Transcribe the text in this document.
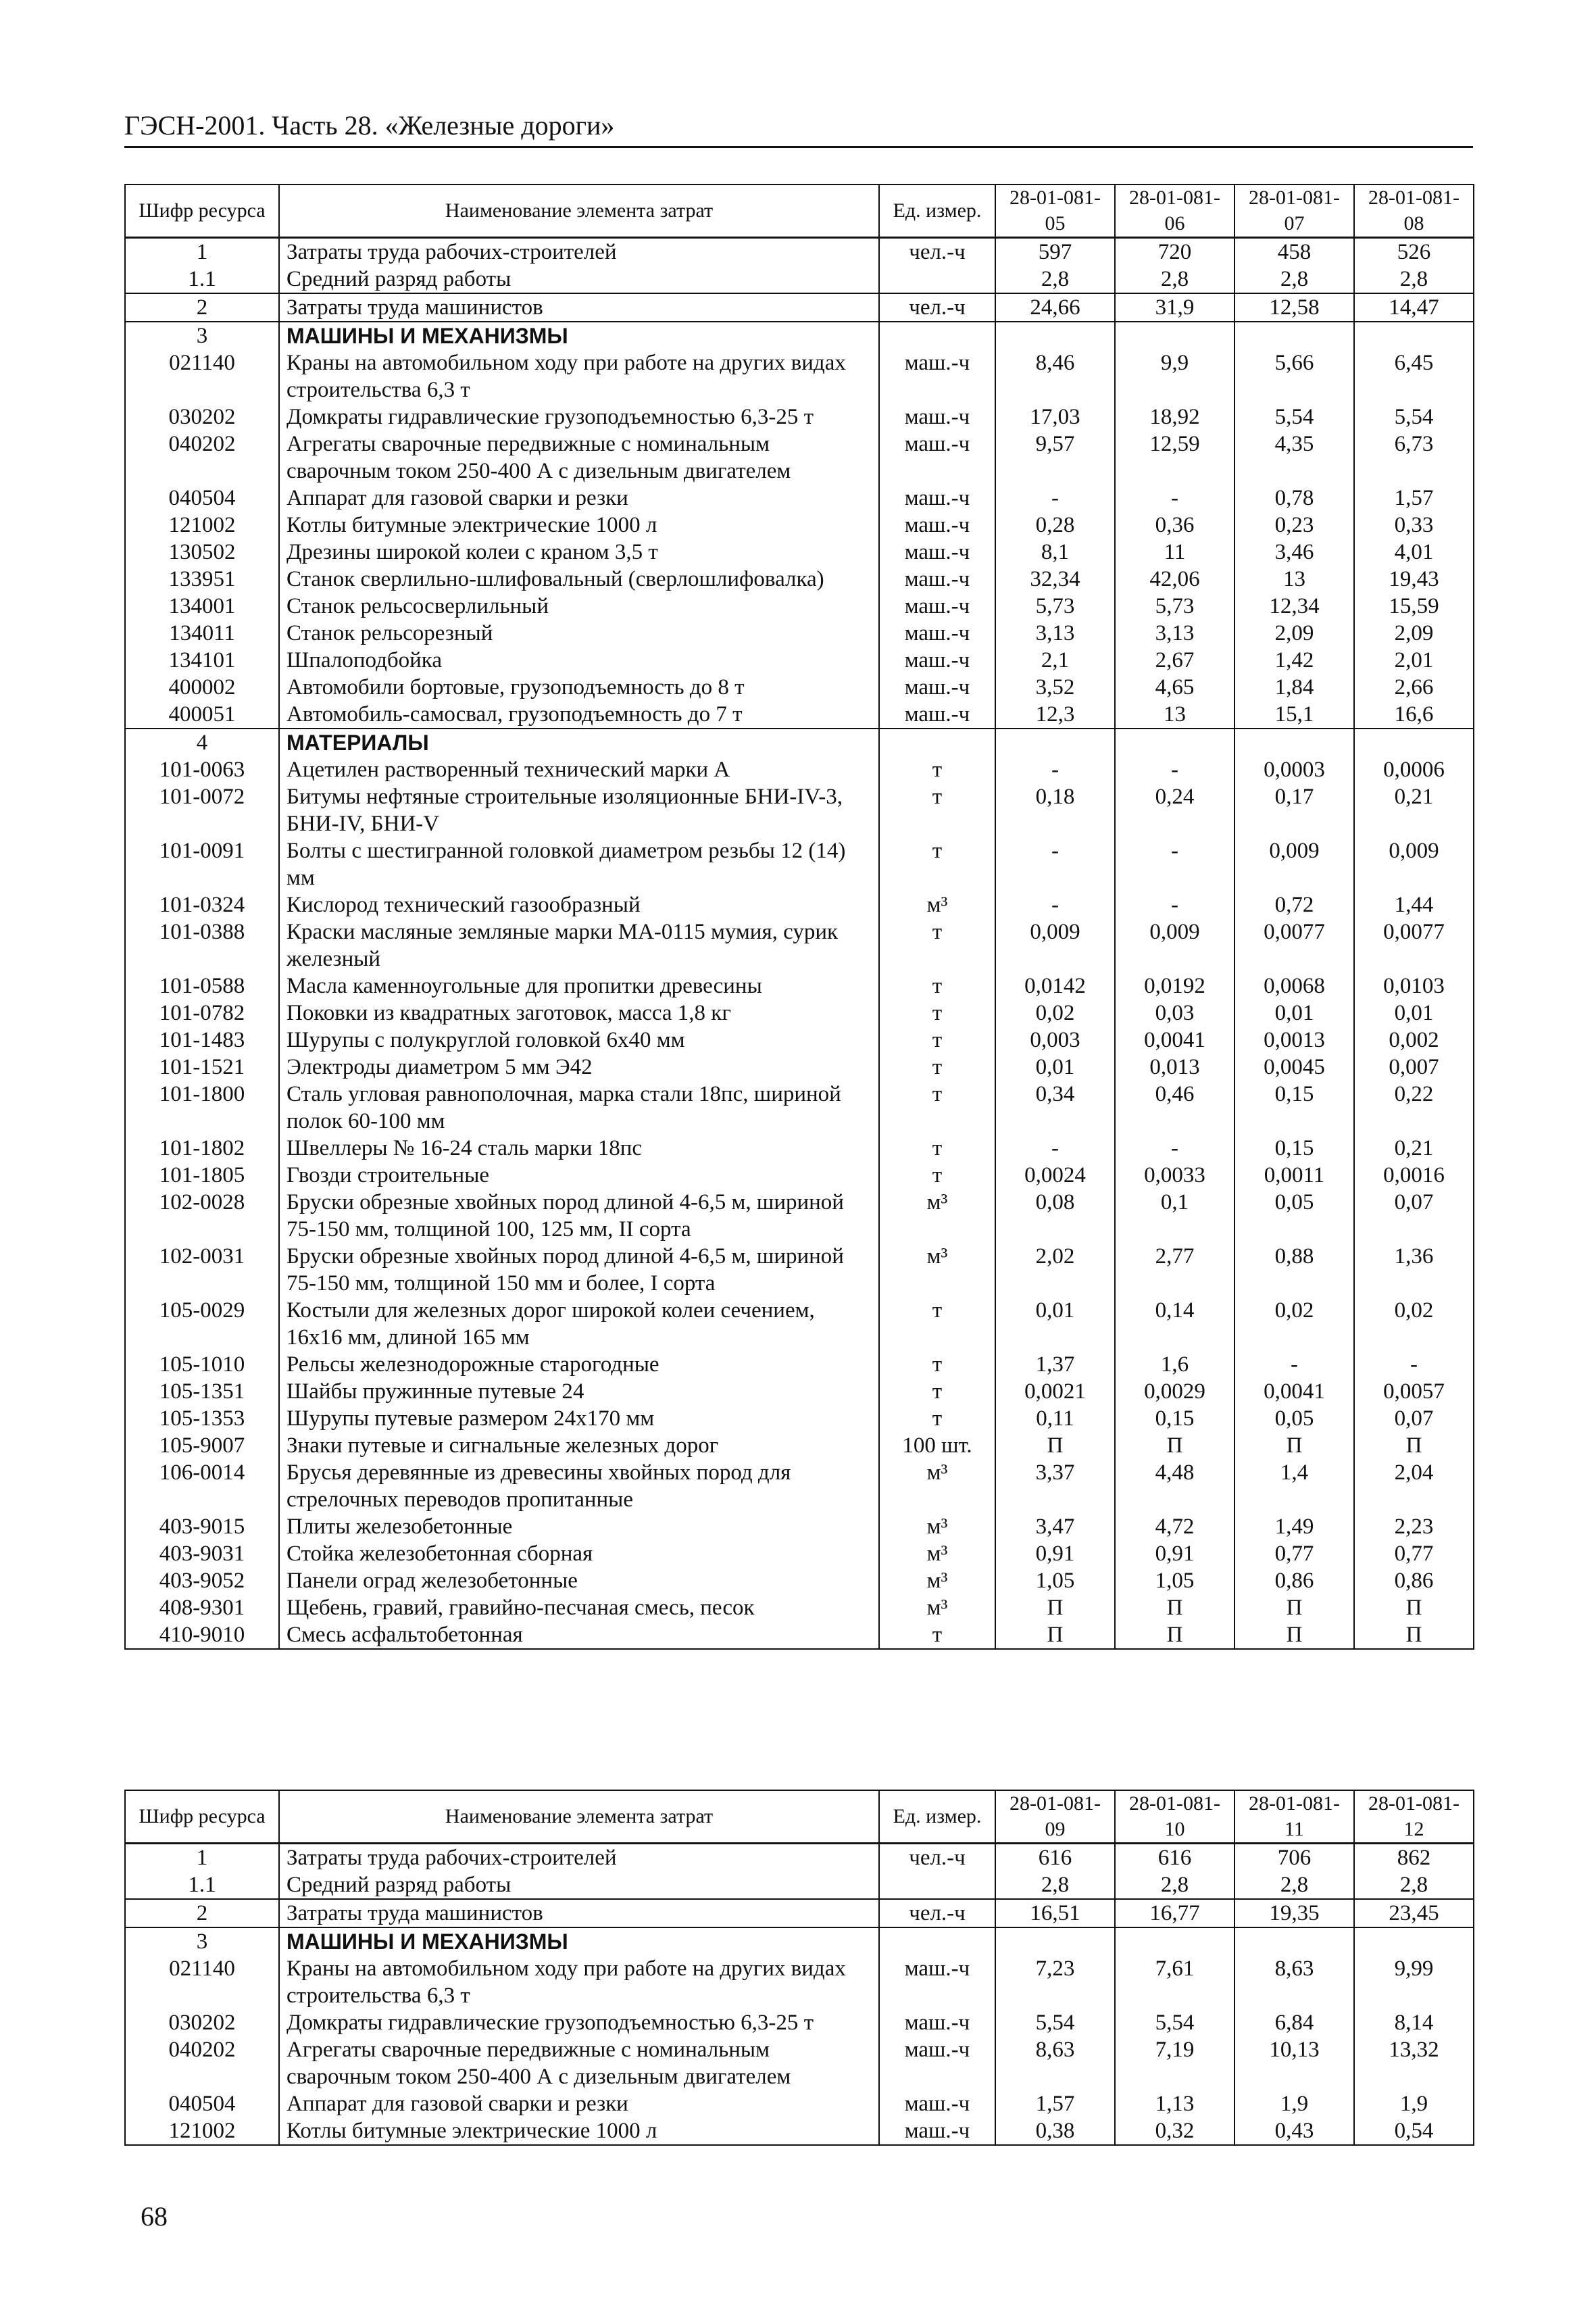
ГЭСН-2001. Часть 28. «Железные дороги»
Шифр ресурса	Наименование элемента затрат	Ед. измер.	28-01-081-05	28-01-081-06	28-01-081-07	28-01-081-08
1	Затраты труда рабочих-строителей	чел.-ч	597	720	458	526
1.1	Средний разряд работы		2,8	2,8	2,8	2,8
2	Затраты труда машинистов	чел.-ч	24,66	31,9	12,58	14,47
3	МАШИНЫ И МЕХАНИЗМЫ					
021140	Краны на автомобильном ходу при работе на других видах строительства 6,3 т	маш.-ч	8,46	9,9	5,66	6,45
030202	Домкраты гидравлические грузоподъемностью 6,3-25 т	маш.-ч	17,03	18,92	5,54	5,54
040202	Агрегаты сварочные передвижные с номинальным сварочным током 250-400 А с дизельным двигателем	маш.-ч	9,57	12,59	4,35	6,73
040504	Аппарат для газовой сварки и резки	маш.-ч	-	-	0,78	1,57
121002	Котлы битумные электрические 1000 л	маш.-ч	0,28	0,36	0,23	0,33
130502	Дрезины широкой колеи с краном 3,5 т	маш.-ч	8,1	11	3,46	4,01
133951	Станок сверлильно-шлифовальный (сверлошлифовалка)	маш.-ч	32,34	42,06	13	19,43
134001	Станок рельсосверлильный	маш.-ч	5,73	5,73	12,34	15,59
134011	Станок рельсорезный	маш.-ч	3,13	3,13	2,09	2,09
134101	Шпалоподбойка	маш.-ч	2,1	2,67	1,42	2,01
400002	Автомобили бортовые, грузоподъемность до 8 т	маш.-ч	3,52	4,65	1,84	2,66
400051	Автомобиль-самосвал, грузоподъемность до 7 т	маш.-ч	12,3	13	15,1	16,6
4	МАТЕРИАЛЫ					
101-0063	Ацетилен растворенный технический марки А	т	-	-	0,0003	0,0006
101-0072	Битумы нефтяные строительные изоляционные БНИ-IV-3, БНИ-IV, БНИ-V	т	0,18	0,24	0,17	0,21
101-0091	Болты с шестигранной головкой диаметром резьбы 12 (14) мм	т	-	-	0,009	0,009
101-0324	Кислород технический газообразный	м³	-	-	0,72	1,44
101-0388	Краски масляные земляные марки МА-0115 мумия, сурик железный	т	0,009	0,009	0,0077	0,0077
101-0588	Масла каменноугольные для пропитки древесины	т	0,0142	0,0192	0,0068	0,0103
101-0782	Поковки из квадратных заготовок, масса 1,8 кг	т	0,02	0,03	0,01	0,01
101-1483	Шурупы с полукруглой головкой 6х40 мм	т	0,003	0,0041	0,0013	0,002
101-1521	Электроды диаметром 5 мм Э42	т	0,01	0,013	0,0045	0,007
101-1800	Сталь угловая равнополочная, марка стали 18пс, шириной полок 60-100 мм	т	0,34	0,46	0,15	0,22
101-1802	Швеллеры № 16-24 сталь марки 18пс	т	-	-	0,15	0,21
101-1805	Гвозди строительные	т	0,0024	0,0033	0,0011	0,0016
102-0028	Бруски обрезные хвойных пород длиной 4-6,5 м, шириной 75-150 мм, толщиной 100, 125 мм, II сорта	м³	0,08	0,1	0,05	0,07
102-0031	Бруски обрезные хвойных пород длиной 4-6,5 м, шириной 75-150 мм, толщиной 150 мм и более, I сорта	м³	2,02	2,77	0,88	1,36
105-0029	Костыли для железных дорог широкой колеи сечением, 16х16 мм, длиной 165 мм	т	0,01	0,14	0,02	0,02
105-1010	Рельсы железнодорожные старогодные	т	1,37	1,6	-	-
105-1351	Шайбы пружинные путевые 24	т	0,0021	0,0029	0,0041	0,0057
105-1353	Шурупы путевые размером 24х170 мм	т	0,11	0,15	0,05	0,07
105-9007	Знаки путевые и сигнальные железных дорог	100 шт.	П	П	П	П
106-0014	Брусья деревянные из древесины хвойных пород для стрелочных переводов пропитанные	м³	3,37	4,48	1,4	2,04
403-9015	Плиты железобетонные	м³	3,47	4,72	1,49	2,23
403-9031	Стойка железобетонная сборная	м³	0,91	0,91	0,77	0,77
403-9052	Панели оград железобетонные	м³	1,05	1,05	0,86	0,86
408-9301	Щебень, гравий, гравийно-песчаная смесь, песок	м³	П	П	П	П
410-9010	Смесь асфальтобетонная	т	П	П	П	П
Шифр ресурса	Наименование элемента затрат	Ед. измер.	28-01-081-09	28-01-081-10	28-01-081-11	28-01-081-12
1	Затраты труда рабочих-строителей	чел.-ч	616	616	706	862
1.1	Средний разряд работы		2,8	2,8	2,8	2,8
2	Затраты труда машинистов	чел.-ч	16,51	16,77	19,35	23,45
3	МАШИНЫ И МЕХАНИЗМЫ					
021140	Краны на автомобильном ходу при работе на других видах строительства 6,3 т	маш.-ч	7,23	7,61	8,63	9,99
030202	Домкраты гидравлические грузоподъемностью 6,3-25 т	маш.-ч	5,54	5,54	6,84	8,14
040202	Агрегаты сварочные передвижные с номинальным сварочным током 250-400 А с дизельным двигателем	маш.-ч	8,63	7,19	10,13	13,32
040504	Аппарат для газовой сварки и резки	маш.-ч	1,57	1,13	1,9	1,9
121002	Котлы битумные электрические 1000 л	маш.-ч	0,38	0,32	0,43	0,54
68
